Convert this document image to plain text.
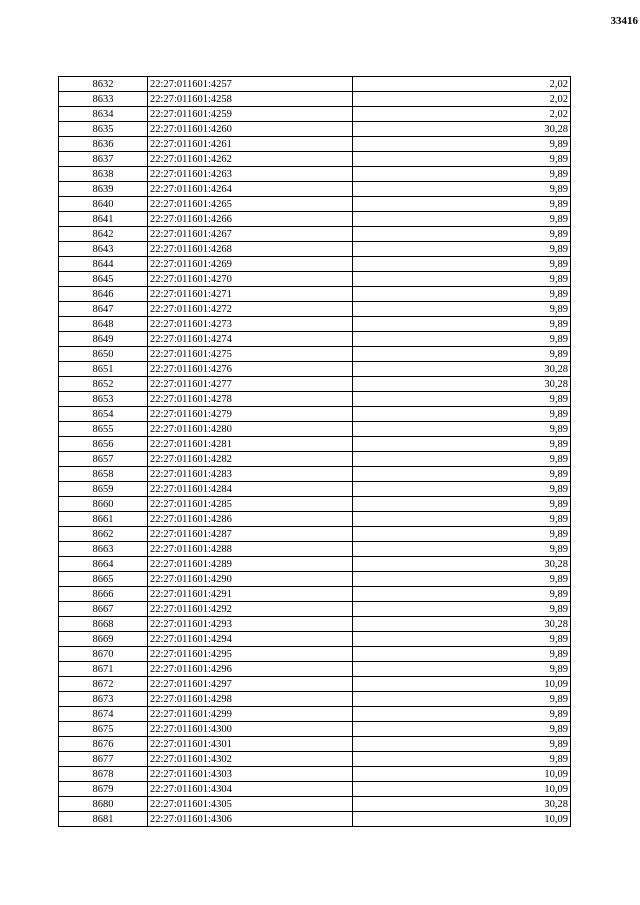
33416
8632	22:27:011601:4257	2,02
8633	22:27:011601:4258	2,02
8634	22:27:011601:4259	2,02
8635	22:27:011601:4260	30,28
8636	22:27:011601:4261	9,89
8637	22:27:011601:4262	9,89
8638	22:27:011601:4263	9,89
8639	22:27:011601:4264	9,89
8640	22:27:011601:4265	9,89
8641	22:27:011601:4266	9,89
8642	22:27:011601:4267	9,89
8643	22:27:011601:4268	9,89
8644	22:27:011601:4269	9,89
8645	22:27:011601:4270	9,89
8646	22:27:011601:4271	9,89
8647	22:27:011601:4272	9,89
8648	22:27:011601:4273	9,89
8649	22:27:011601:4274	9,89
8650	22:27:011601:4275	9,89
8651	22:27:011601:4276	30,28
8652	22:27:011601:4277	30,28
8653	22:27:011601:4278	9,89
8654	22:27:011601:4279	9,89
8655	22:27:011601:4280	9,89
8656	22:27:011601:4281	9,89
8657	22:27:011601:4282	9,89
8658	22:27:011601:4283	9,89
8659	22:27:011601:4284	9,89
8660	22:27:011601:4285	9,89
8661	22:27:011601:4286	9,89
8662	22:27:011601:4287	9,89
8663	22:27:011601:4288	9,89
8664	22:27:011601:4289	30,28
8665	22:27:011601:4290	9,89
8666	22:27:011601:4291	9,89
8667	22:27:011601:4292	9,89
8668	22:27:011601:4293	30,28
8669	22:27:011601:4294	9,89
8670	22:27:011601:4295	9,89
8671	22:27:011601:4296	9,89
8672	22:27:011601:4297	10,09
8673	22:27:011601:4298	9,89
8674	22:27:011601:4299	9,89
8675	22:27:011601:4300	9,89
8676	22:27:011601:4301	9,89
8677	22:27:011601:4302	9,89
8678	22:27:011601:4303	10,09
8679	22:27:011601:4304	10,09
8680	22:27:011601:4305	30,28
8681	22:27:011601:4306	10,09
